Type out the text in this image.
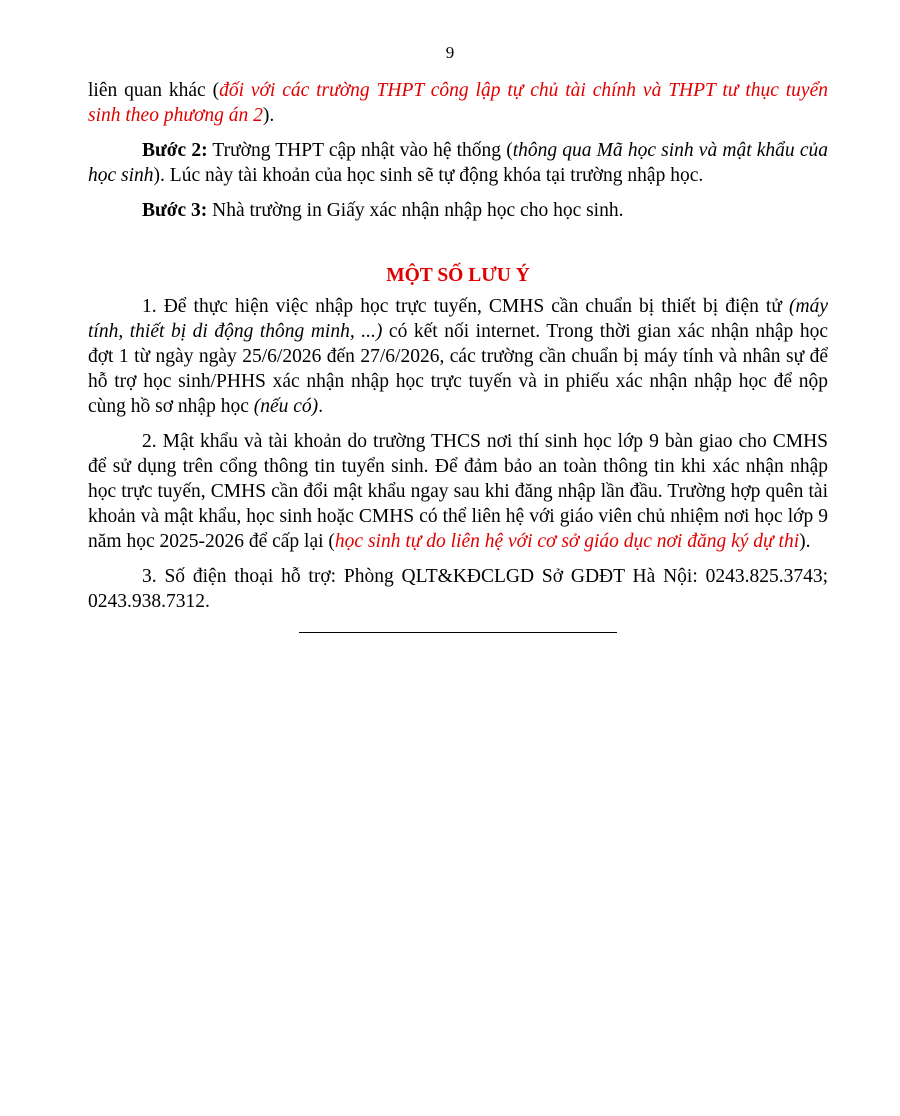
9

liên quan khác (đối với các trường THPT công lập tự chủ tài chính và THPT tư thục tuyển sinh theo phương án 2).

Bước 2: Trường THPT cập nhật vào hệ thống (thông qua Mã học sinh và mật khẩu của học sinh). Lúc này tài khoản của học sinh sẽ tự động khóa tại trường nhập học.

Bước 3: Nhà trường in Giấy xác nhận nhập học cho học sinh.

MỘT SỐ LƯU Ý

1. Để thực hiện việc nhập học trực tuyến, CMHS cần chuẩn bị thiết bị điện tử (máy tính, thiết bị di động thông minh, ...) có kết nối internet. Trong thời gian xác nhận nhập học đợt 1 từ ngày ngày 25/6/2026 đến 27/6/2026, các trường cần chuẩn bị máy tính và nhân sự để hỗ trợ học sinh/PHHS xác nhận nhập học trực tuyến và in phiếu xác nhận nhập học để nộp cùng hồ sơ nhập học (nếu có).

2. Mật khẩu và tài khoản do trường THCS nơi thí sinh học lớp 9 bàn giao cho CMHS để sử dụng trên cổng thông tin tuyển sinh. Để đảm bảo an toàn thông tin khi xác nhận nhập học trực tuyến, CMHS cần đổi mật khẩu ngay sau khi đăng nhập lần đầu. Trường hợp quên tài khoản và mật khẩu, học sinh hoặc CMHS có thể liên hệ với giáo viên chủ nhiệm nơi học lớp 9 năm học 2025-2026 để cấp lại (học sinh tự do liên hệ với cơ sở giáo dục nơi đăng ký dự thi).

3. Số điện thoại hỗ trợ: Phòng QLT&KĐCLGD Sở GDĐT Hà Nội: 0243.825.3743; 0243.938.7312.
